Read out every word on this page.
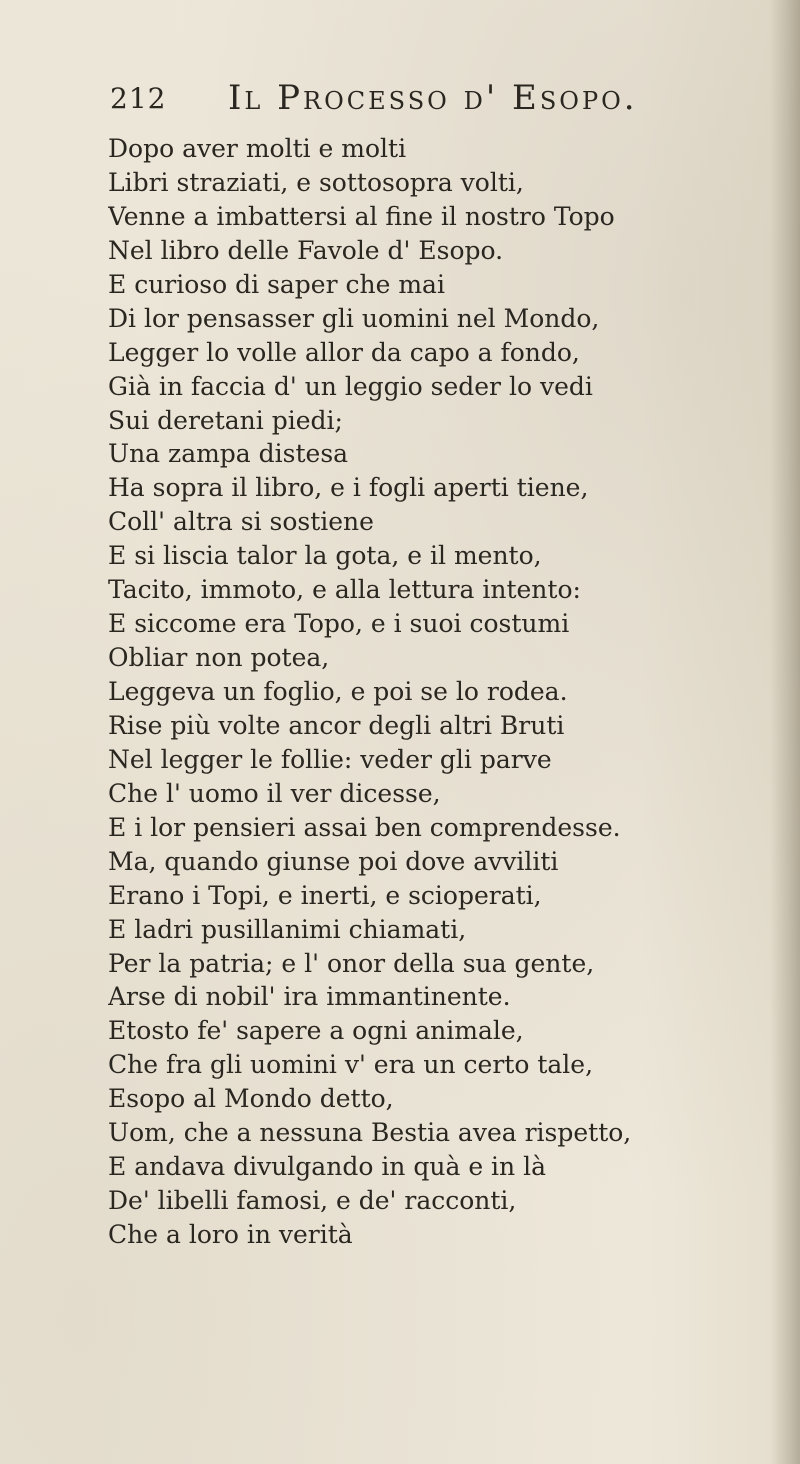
212 Il Processo d' Esopo.
Dopo aver molti e molti
Libri straziati, e sottosopra volti,
Venne a imbattersi al fine il nostro Topo
Nel libro delle Favole d' Esopo.
E curioso di saper che mai
Di lor pensasser gli uomini nel Mondo,
Legger lo volle allor da capo a fondo,
Già in faccia d' un leggio seder lo vedi
Sui deretani piedi;
Una zampa distesa
Ha sopra il libro, e i fogli aperti tiene,
Coll' altra si sostiene
E si liscia talor la gota, e il mento,
Tacito, immoto, e alla lettura intento:
E siccome era Topo, e i suoi costumi
Obliar non potea,
Leggeva un foglio, e poi se lo rodea.
Rise più volte ancor degli altri Bruti
Nel legger le follie: veder gli parve
Che l' uomo il ver dicesse,
E i lor pensieri assai ben comprendesse.
Ma, quando giunse poi dove avviliti
Erano i Topi, e inerti, e scioperati,
E ladri pusillanimi chiamati,
Per la patria; e l' onor della sua gente,
Arse di nobil' ira immantinente.
Etosto fe' sapere a ogni animale,
Che fra gli uomini v' era un certo tale,
Esopo al Mondo detto,
Uom, che a nessuna Bestia avea rispetto,
E andava divulgando in quà e in là
De' libelli famosi, e de' racconti,
Che a loro in verità
